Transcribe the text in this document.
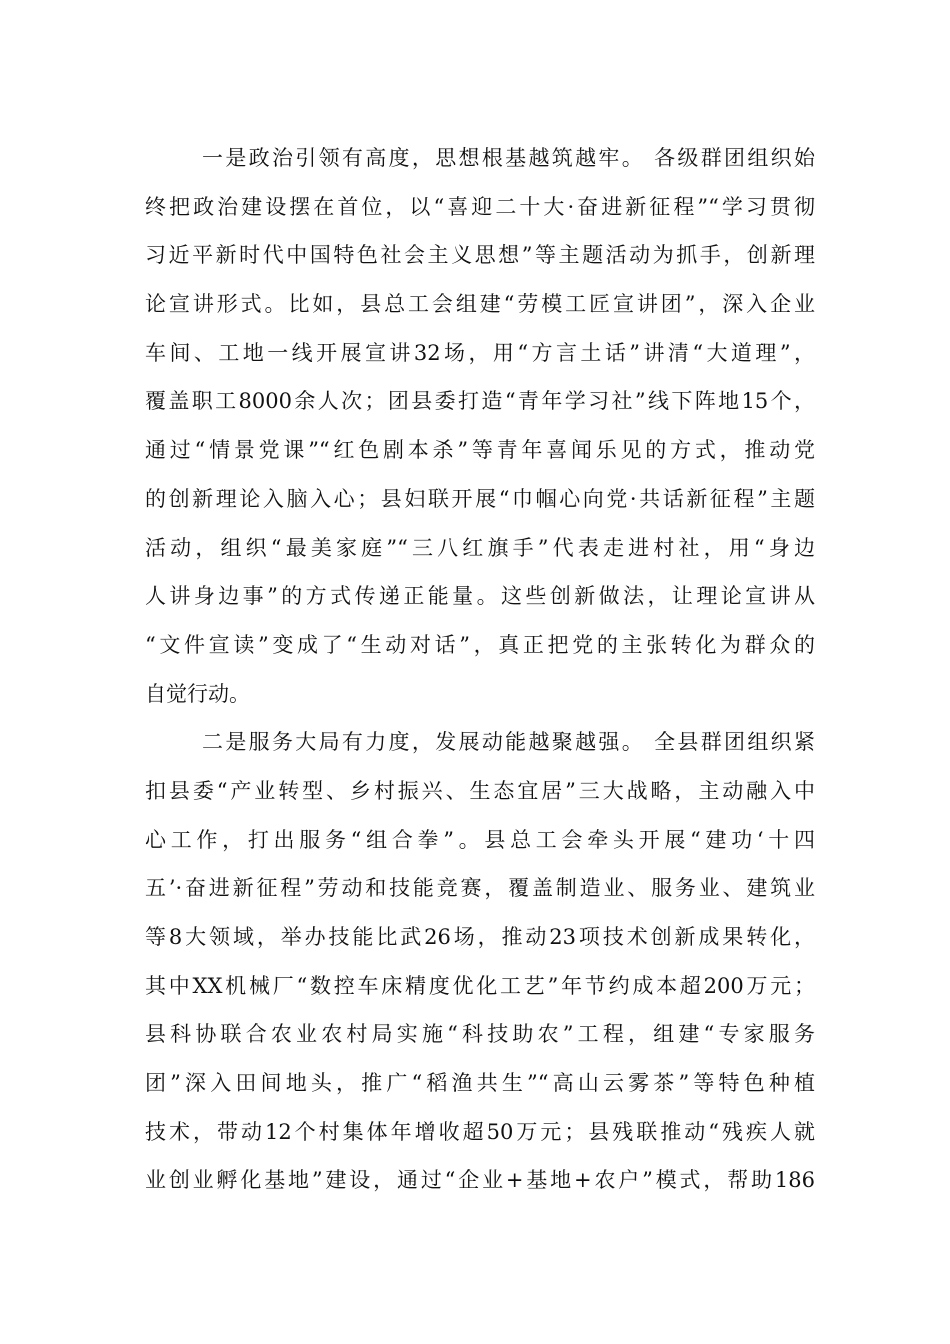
一是政治引领有高度，思想根基越筑越牢。 各级群团组织始
终把政治建设摆在首位，以“喜迎二十大·奋进新征程”“学习贯彻
习近平新时代中国特色社会主义思想”等主题活动为抓手，创新理
论宣讲形式。比如，县总工会组建“劳模工匠宣讲团”，深入企业
车间、工地一线开展宣讲32场，用“方言土话”讲清“大道理”，
覆盖职工8000余人次；团县委打造“青年学习社”线下阵地15个，
通过“情景党课”“红色剧本杀”等青年喜闻乐见的方式，推动党
的创新理论入脑入心；县妇联开展“巾帼心向党·共话新征程”主题
活动，组织“最美家庭”“三八红旗手”代表走进村社，用“身边
人讲身边事”的方式传递正能量。这些创新做法，让理论宣讲从
“文件宣读”变成了“生动对话”，真正把党的主张转化为群众的
自觉行动。
二是服务大局有力度，发展动能越聚越强。 全县群团组织紧
扣县委“产业转型、乡村振兴、生态宜居”三大战略，主动融入中
心工作，打出服务“组合拳”。县总工会牵头开展“建功‘十四
五’·奋进新征程”劳动和技能竞赛，覆盖制造业、服务业、建筑业
等8大领域，举办技能比武26场，推动23项技术创新成果转化，
其中XX机械厂“数控车床精度优化工艺”年节约成本超200万元；
县科协联合农业农村局实施“科技助农”工程，组建“专家服务
团”深入田间地头，推广“稻渔共生”“高山云雾茶”等特色种植
技术，带动12个村集体年增收超50万元；县残联推动“残疾人就
业创业孵化基地”建设，通过“企业+基地+农户”模式，帮助186
